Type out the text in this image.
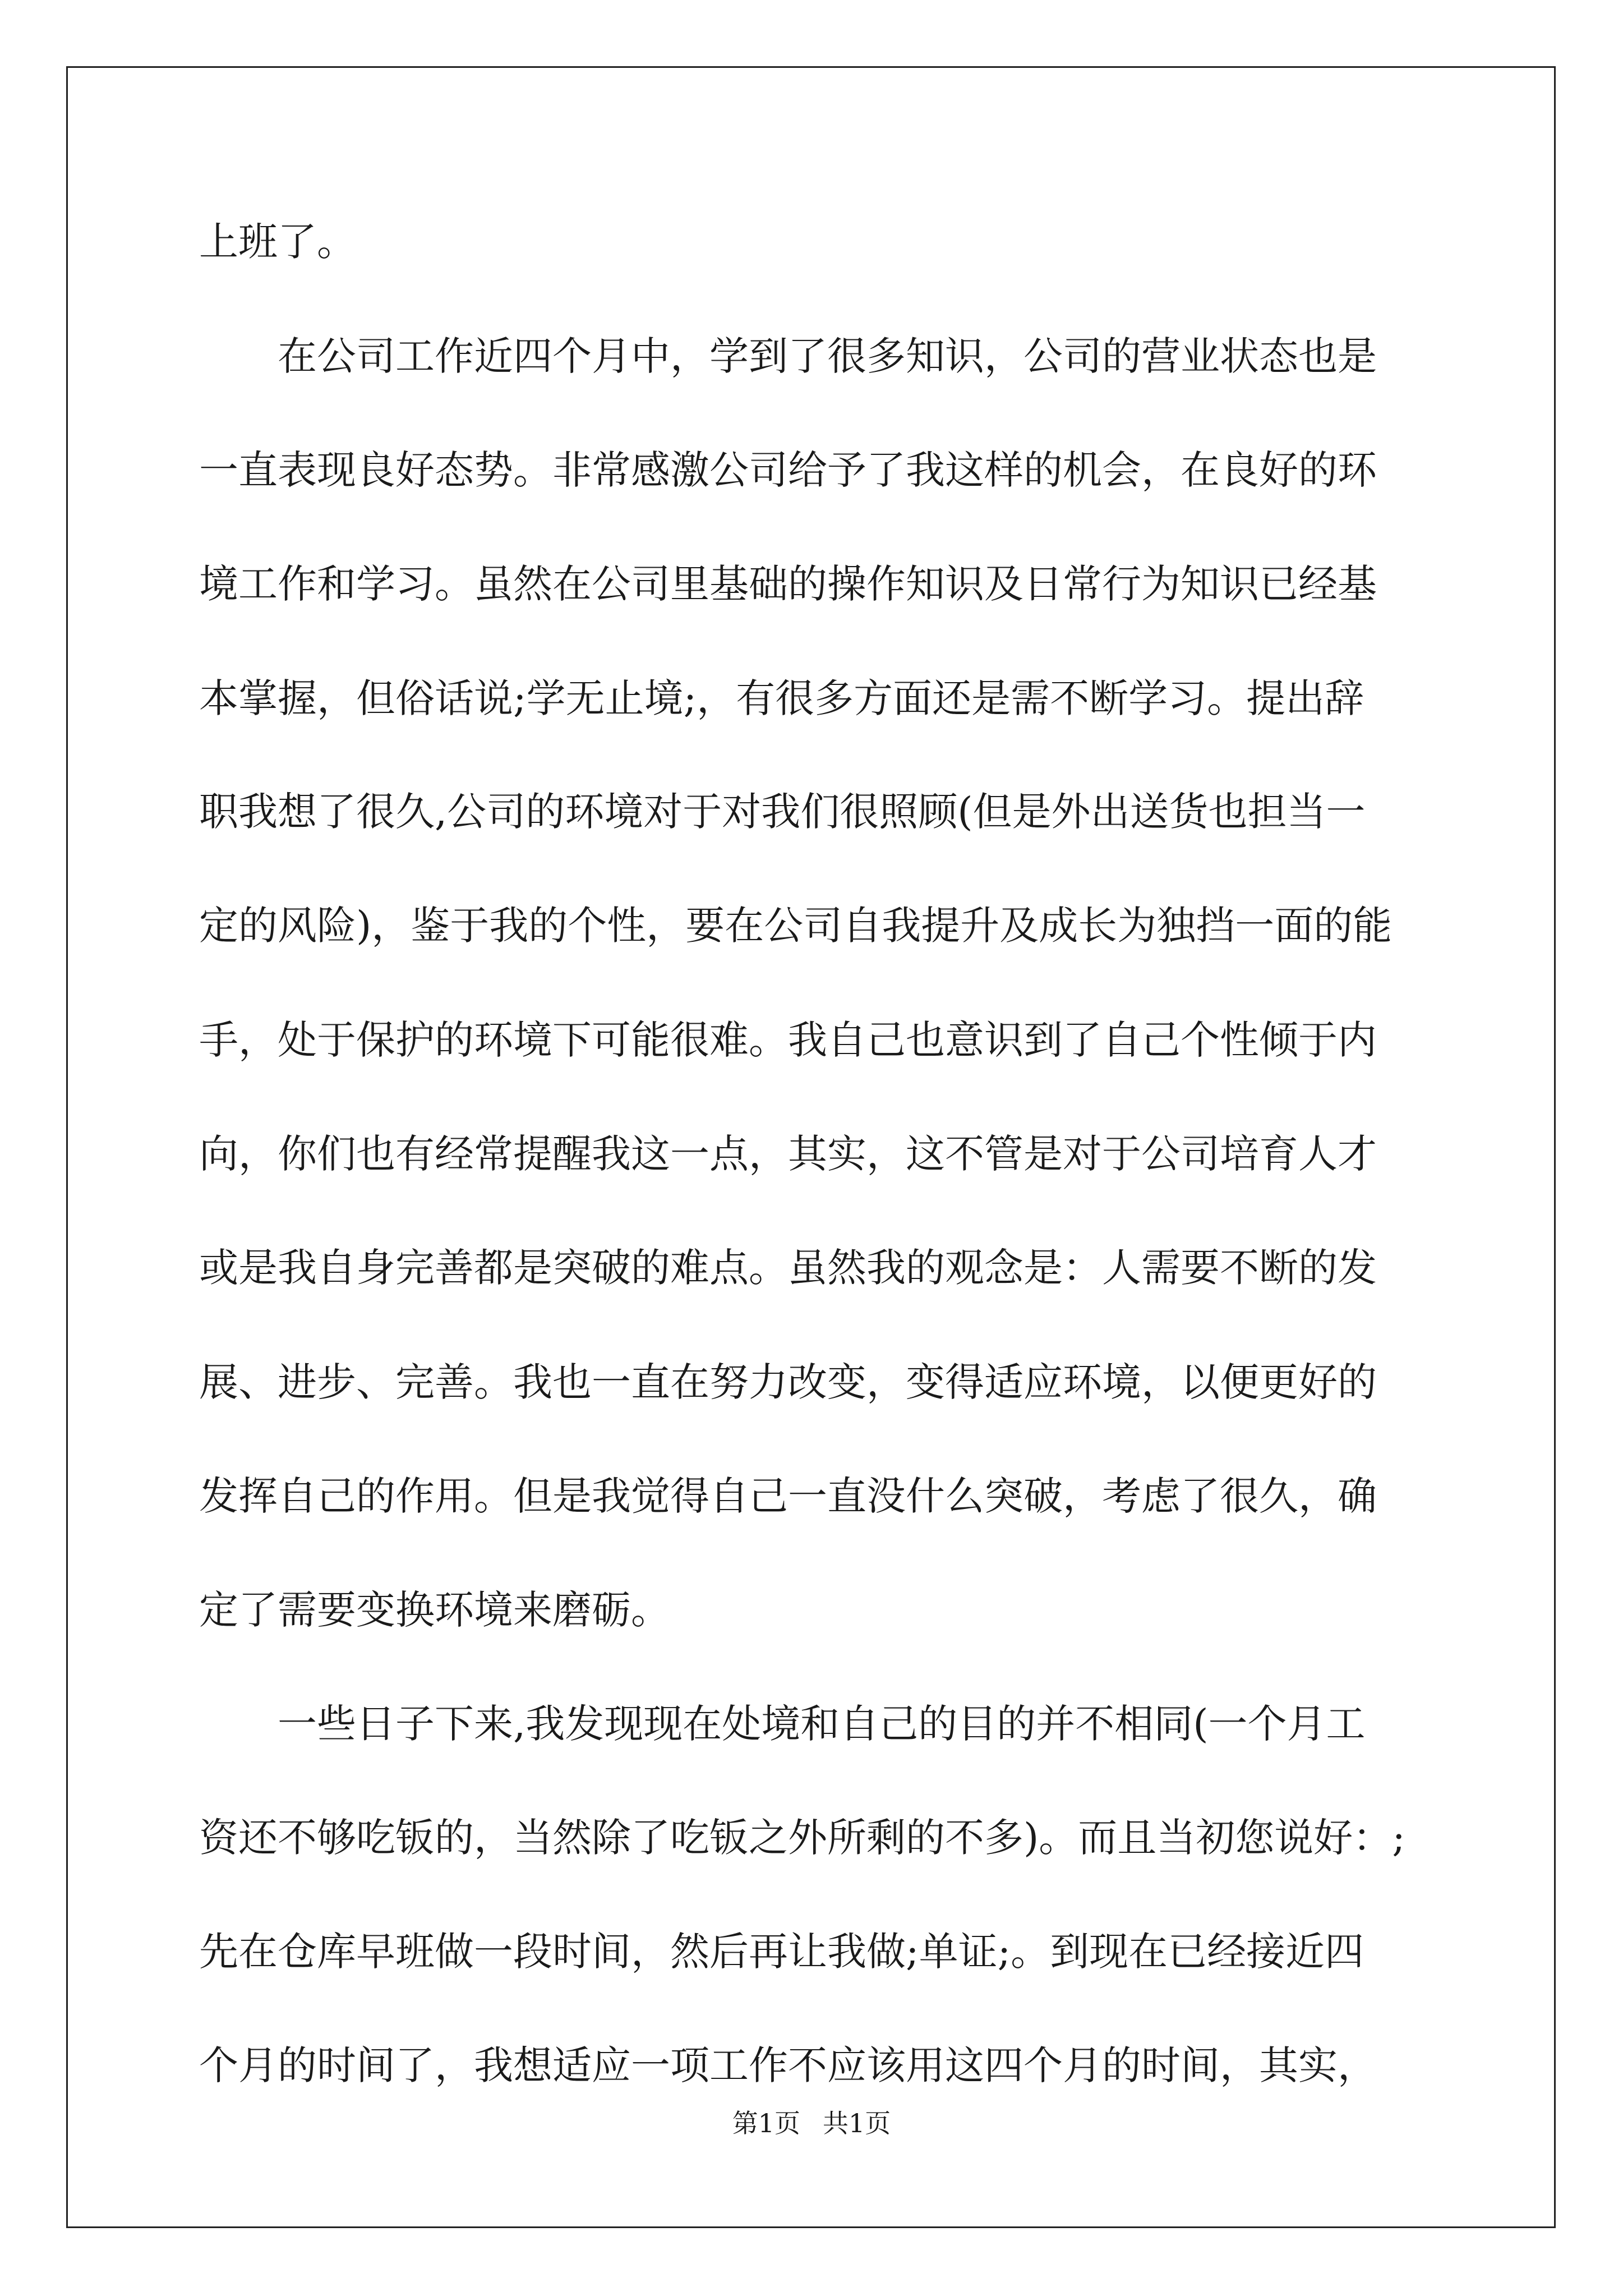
上班了。
在公司工作近四个月中，学到了很多知识，公司的营业状态也是
一直表现良好态势。非常感激公司给予了我这样的机会，在良好的环
境工作和学习。虽然在公司里基础的操作知识及日常行为知识已经基
本掌握，但俗话说;学无止境;，有很多方面还是需不断学习。提出辞
职我想了很久,公司的环境对于对我们很照顾(但是外出送货也担当一
定的风险)，鉴于我的个性，要在公司自我提升及成长为独挡一面的能
手，处于保护的环境下可能很难。我自己也意识到了自己个性倾于内
向，你们也有经常提醒我这一点，其实，这不管是对于公司培育人才
或是我自身完善都是突破的难点。虽然我的观念是：人需要不断的发
展、进步、完善。我也一直在努力改变，变得适应环境，以便更好的
发挥自己的作用。但是我觉得自己一直没什么突破，考虑了很久，确
定了需要变换环境来磨砺。
一些日子下来,我发现现在处境和自己的目的并不相同(一个月工
资还不够吃钣的，当然除了吃钣之外所剩的不多)。而且当初您说好：;
先在仓库早班做一段时间，然后再让我做;单证;。到现在已经接近四
个月的时间了，我想适应一项工作不应该用这四个月的时间，其实，
第1页 共1页
